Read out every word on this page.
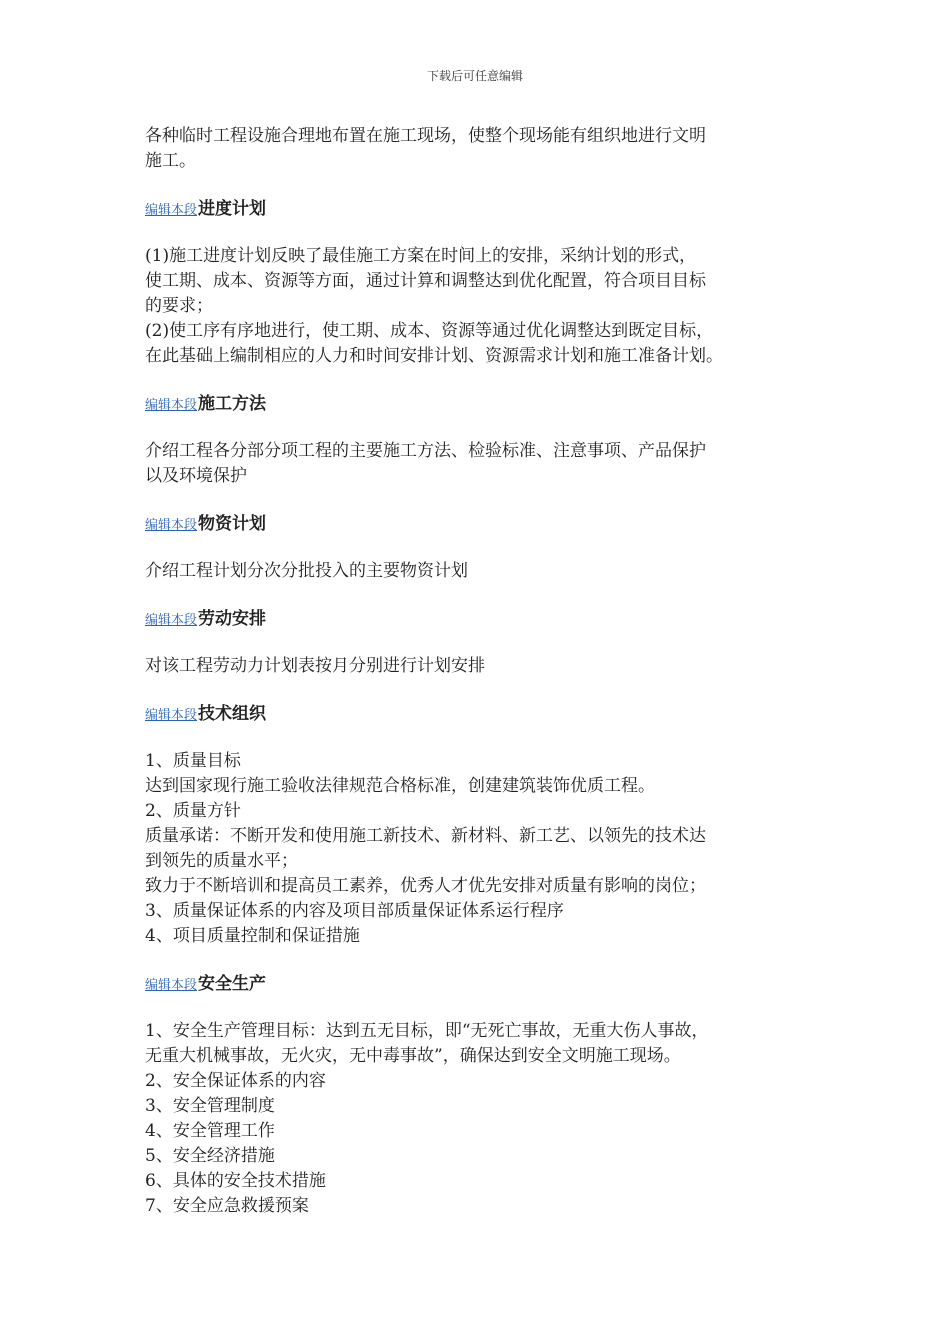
下载后可任意编辑

各种临时工程设施合理地布置在施工现场，使整个现场能有组织地进行文明

施工。

编辑本段进度计划

(1)施工进度计划反映了最佳施工方案在时间上的安排，采纳计划的形式，

使工期、成本、资源等方面，通过计算和调整达到优化配置，符合项目目标

的要求；

(2)使工序有序地进行，使工期、成本、资源等通过优化调整达到既定目标，

在此基础上编制相应的人力和时间安排计划、资源需求计划和施工准备计划。

编辑本段施工方法

介绍工程各分部分项工程的主要施工方法、检验标准、注意事项、产品保护

以及环境保护

编辑本段物资计划

介绍工程计划分次分批投入的主要物资计划

编辑本段劳动安排

对该工程劳动力计划表按月分别进行计划安排

编辑本段技术组织

1、质量目标

达到国家现行施工验收法律规范合格标准，创建建筑装饰优质工程。

2、质量方针

质量承诺：不断开发和使用施工新技术、新材料、新工艺、以领先的技术达

到领先的质量水平；

致力于不断培训和提高员工素养，优秀人才优先安排对质量有影响的岗位；

3、质量保证体系的内容及项目部质量保证体系运行程序

4、项目质量控制和保证措施

编辑本段安全生产

1、安全生产管理目标：达到五无目标，即“无死亡事故，无重大伤人事故，

无重大机械事故，无火灾，无中毒事故”，确保达到安全文明施工现场。

2、安全保证体系的内容

3、安全管理制度

4、安全管理工作

5、安全经济措施

6、具体的安全技术措施

7、安全应急救援预案
